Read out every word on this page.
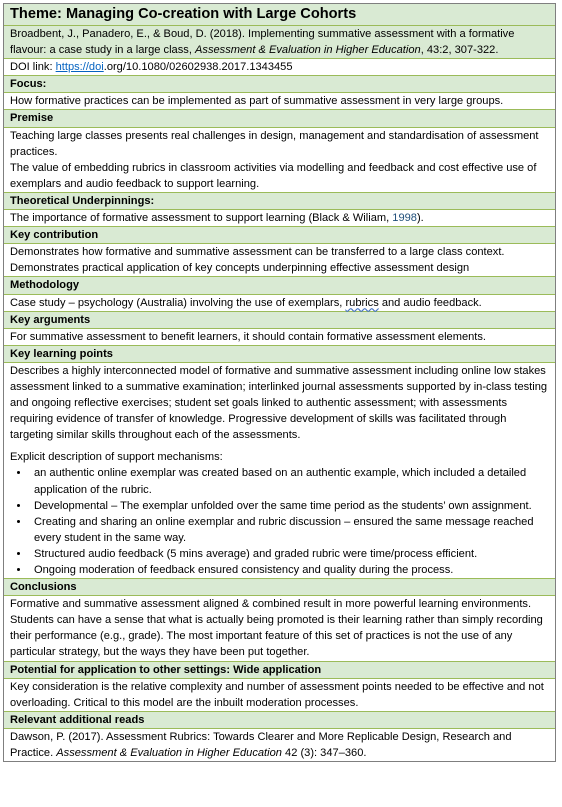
Theme: Managing Co-creation with Large Cohorts

Broadbent, J., Panadero, E., & Boud, D. (2018). Implementing summative assessment with a formative flavour: a case study in a large class, Assessment & Evaluation in Higher Education, 43:2, 307-322.

DOI link: https://doi.org/10.1080/02602938.2017.1343455
Focus:
How formative practices can be implemented as part of summative assessment in very large groups.
Premise

Teaching large classes presents real challenges in design, management and standardisation of assessment practices.

The value of embedding rubrics in classroom activities via modelling and feedback and cost effective use of exemplars and audio feedback to support learning.

Theoretical Underpinnings:
The importance of formative assessment to support learning (Black & Wiliam, 1998).
Key contribution

Demonstrates how formative and summative assessment can be transferred to a large class context.

Demonstrates practical application of key concepts underpinning effective assessment design

Methodology
Case study – psychology (Australia) involving the use of exemplars, rubrics and audio feedback.
Key arguments
For summative assessment to benefit learners, it should contain formative assessment elements.
Key learning points

Describes a highly interconnected model of formative and summative assessment including online low stakes assessment linked to a summative examination; interlinked journal assessments supported by in-class testing and ongoing reflective exercises; student set goals linked to authentic assessment; with assessments requiring evidence of transfer of knowledge. Progressive development of skills was facilitated through targeting similar skills throughout each of the assessments.

Explicit description of support mechanisms:

• an authentic online exemplar was created based on an authentic example, which included a detailed application of the rubric.
• Developmental – The exemplar unfolded over the same time period as the students’ own assignment.
• Creating and sharing an online exemplar and rubric discussion – ensured the same message reached every student in the same way.
• Structured audio feedback (5 mins average) and graded rubric were time/process efficient.
• Ongoing moderation of feedback ensured consistency and quality during the process.
Conclusions
Formative and summative assessment aligned & combined result in more powerful learning environments. Students can have a sense that what is actually being promoted is their learning rather than simply recording their performance (e.g., grade). The most important feature of this set of practices is not the use of any particular strategy, but the ways they have been put together.
Potential for application to other settings: Wide application
Key consideration is the relative complexity and number of assessment points needed to be effective and not overloading. Critical to this model are the inbuilt moderation processes.
Relevant additional reads
Dawson, P. (2017). Assessment Rubrics: Towards Clearer and More Replicable Design, Research and Practice. Assessment & Evaluation in Higher Education 42 (3): 347–360.
